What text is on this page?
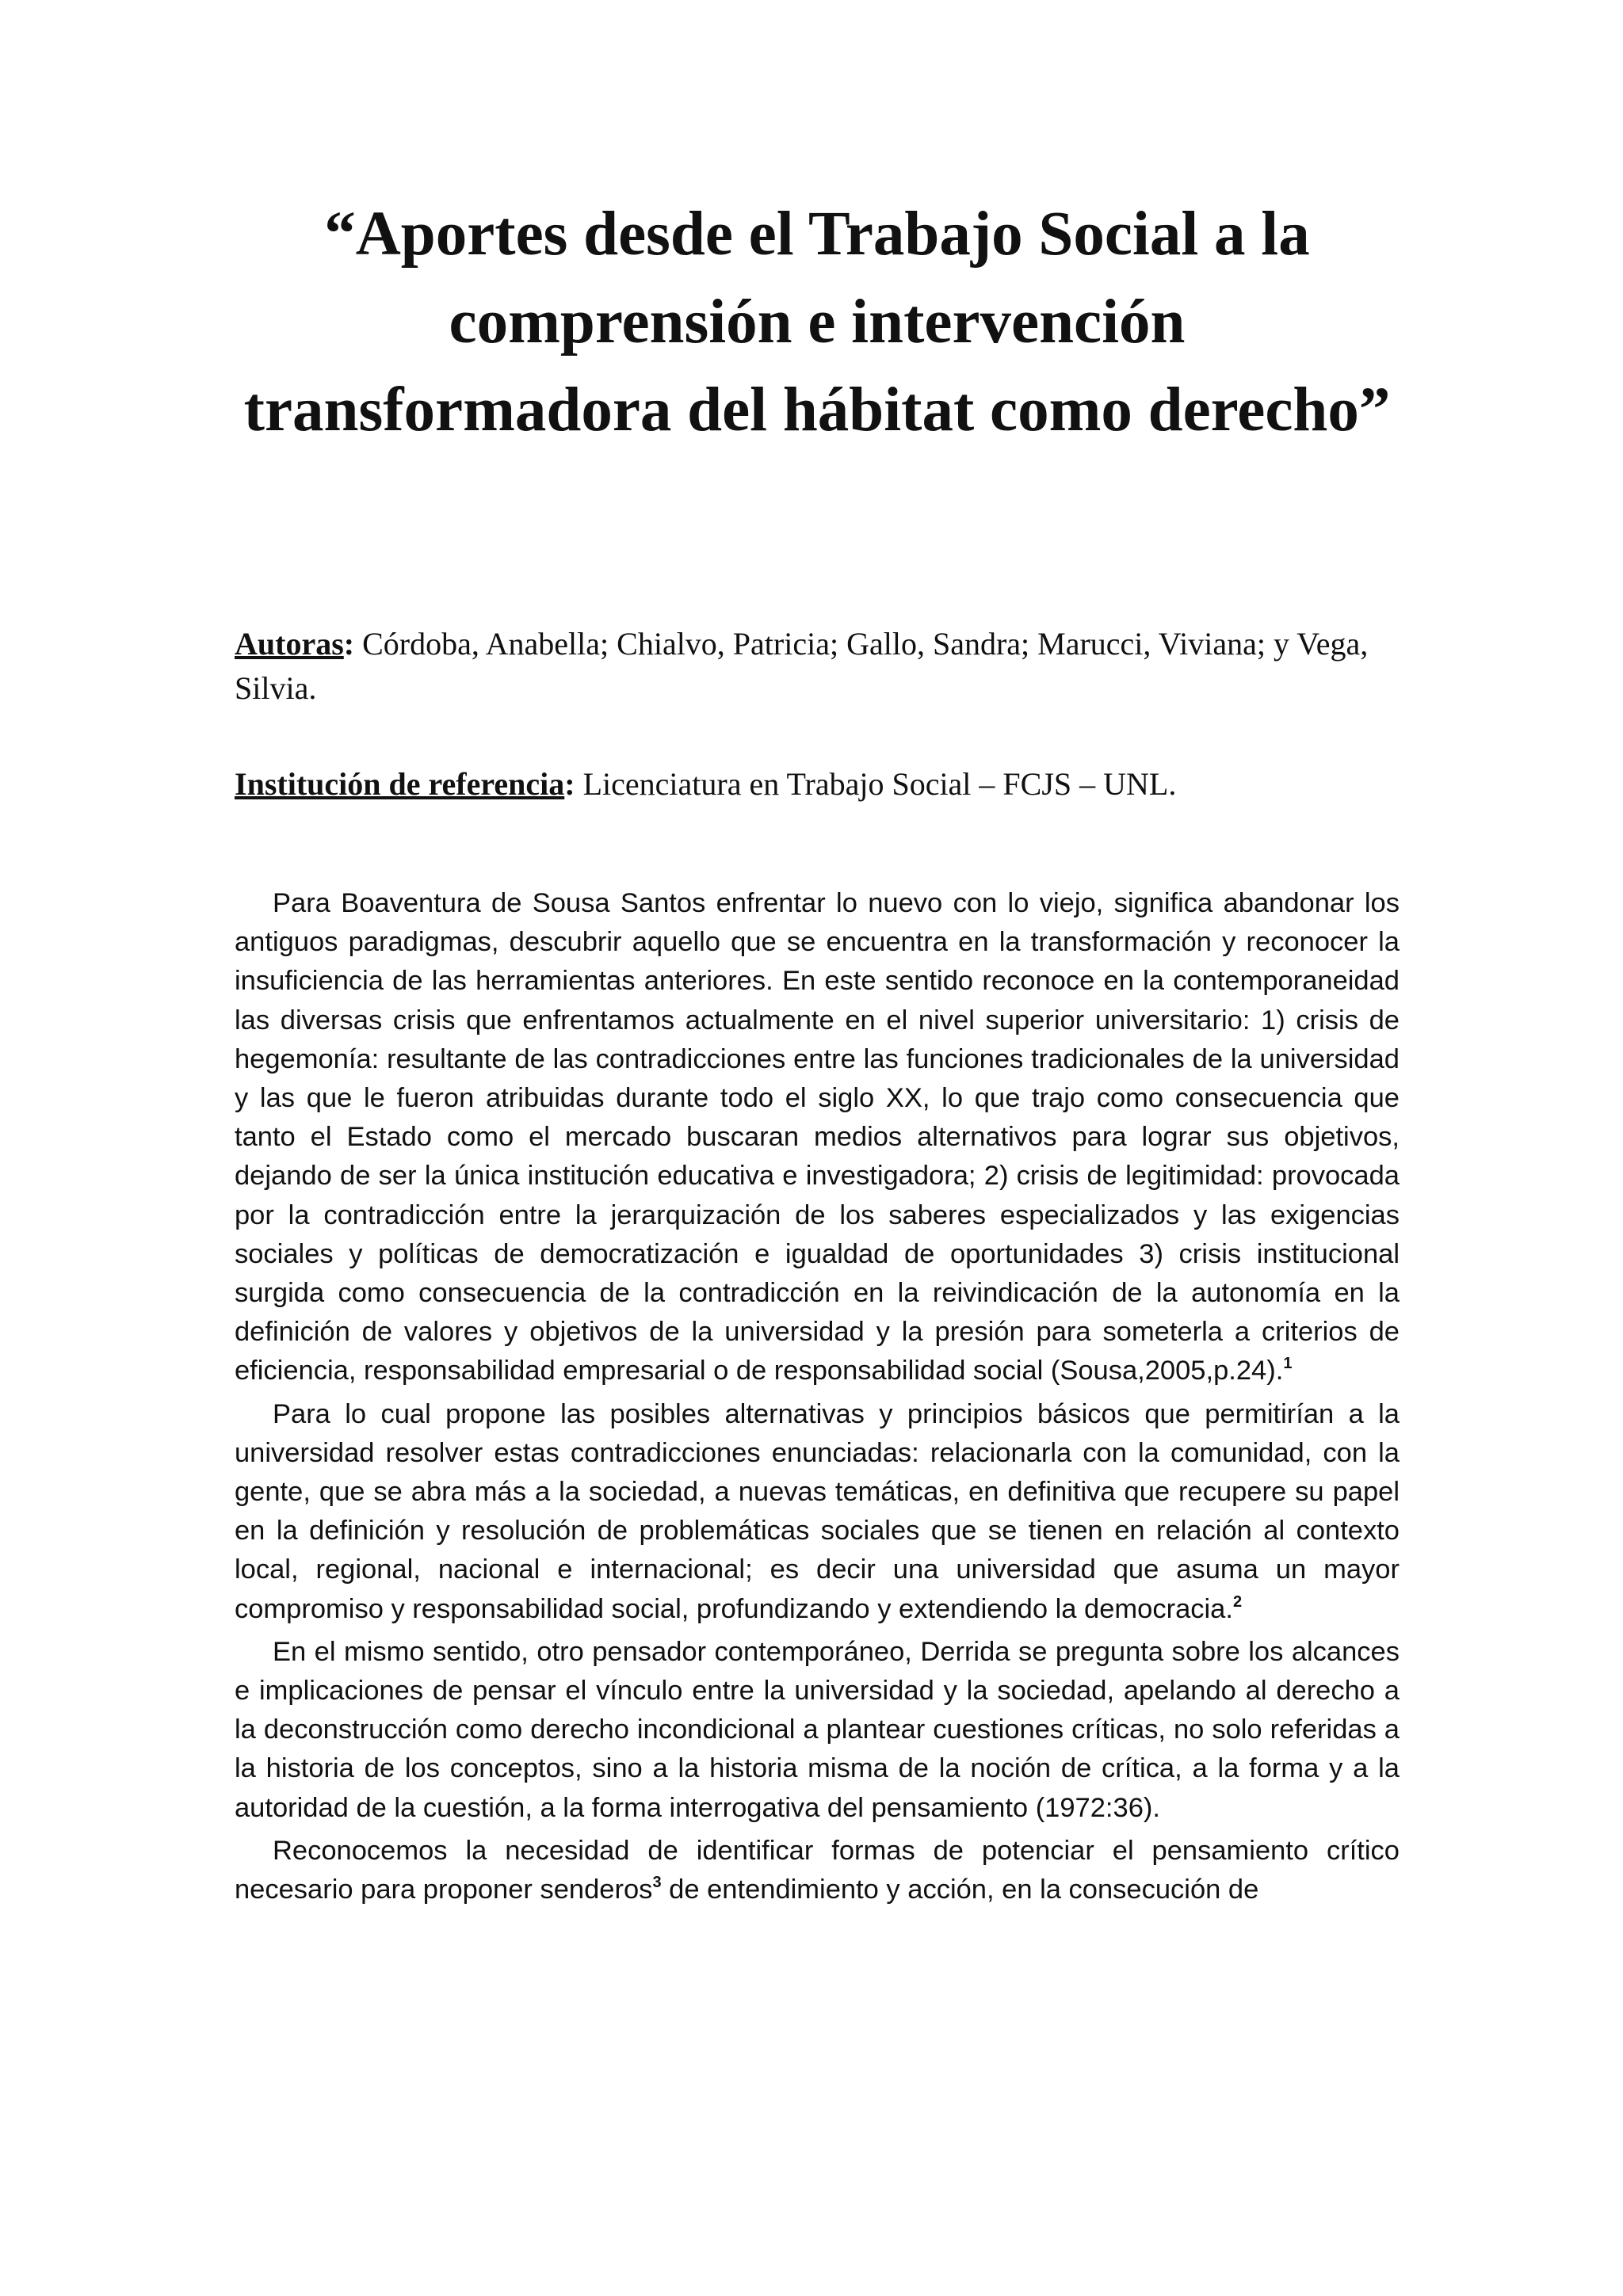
“Aportes desde el Trabajo Social a la comprensión e intervención transformadora del hábitat como derecho”

Autoras: Córdoba, Anabella; Chialvo, Patricia; Gallo, Sandra; Marucci, Viviana; y Vega, Silvia.

Institución de referencia: Licenciatura en Trabajo Social – FCJS – UNL.

Para Boaventura de Sousa Santos enfrentar lo nuevo con lo viejo, significa abandonar los antiguos paradigmas, descubrir aquello que se encuentra en la transformación y reconocer la insuficiencia de las herramientas anteriores. En este sentido reconoce en la contemporaneidad las diversas crisis que enfrentamos actualmente en el nivel superior universitario: 1) crisis de hegemonía: resultante de las contradicciones entre las funciones tradicionales de la universidad y las que le fueron atribuidas durante todo el siglo XX, lo que trajo como consecuencia que tanto el Estado como el mercado buscaran medios alternativos para lograr sus objetivos, dejando de ser la única institución educativa e investigadora; 2) crisis de legitimidad: provocada por la contradicción entre la jerarquización de los saberes especializados y las exigencias sociales y políticas de democratización e igualdad de oportunidades 3) crisis institucional surgida como consecuencia de la contradicción en la reivindicación de la autonomía en la definición de valores y objetivos de la universidad y la presión para someterla a criterios de eficiencia, responsabilidad empresarial o de responsabilidad social (Sousa,2005,p.24).$^1$

Para lo cual propone las posibles alternativas y principios básicos que permitirían a la universidad resolver estas contradicciones enunciadas: relacionarla con la comunidad, con la gente, que se abra más a la sociedad, a nuevas temáticas, en definitiva que recupere su papel en la definición y resolución de problemáticas sociales que se tienen en relación al contexto local, regional, nacional e internacional; es decir una universidad que asuma un mayor compromiso y responsabilidad social, profundizando y extendiendo la democracia.$^2$

En el mismo sentido, otro pensador contemporáneo, Derrida se pregunta sobre los alcances e implicaciones de pensar el vínculo entre la universidad y la sociedad, apelando al derecho a la deconstrucción como derecho incondicional a plantear cuestiones críticas, no solo referidas a la historia de los conceptos, sino a la historia misma de la noción de crítica, a la forma y a la autoridad de la cuestión, a la forma interrogativa del pensamiento (1972:36).

Reconocemos la necesidad de identificar formas de potenciar el pensamiento crítico necesario para proponer senderos$^3$ de entendimiento y acción, en la consecución de
